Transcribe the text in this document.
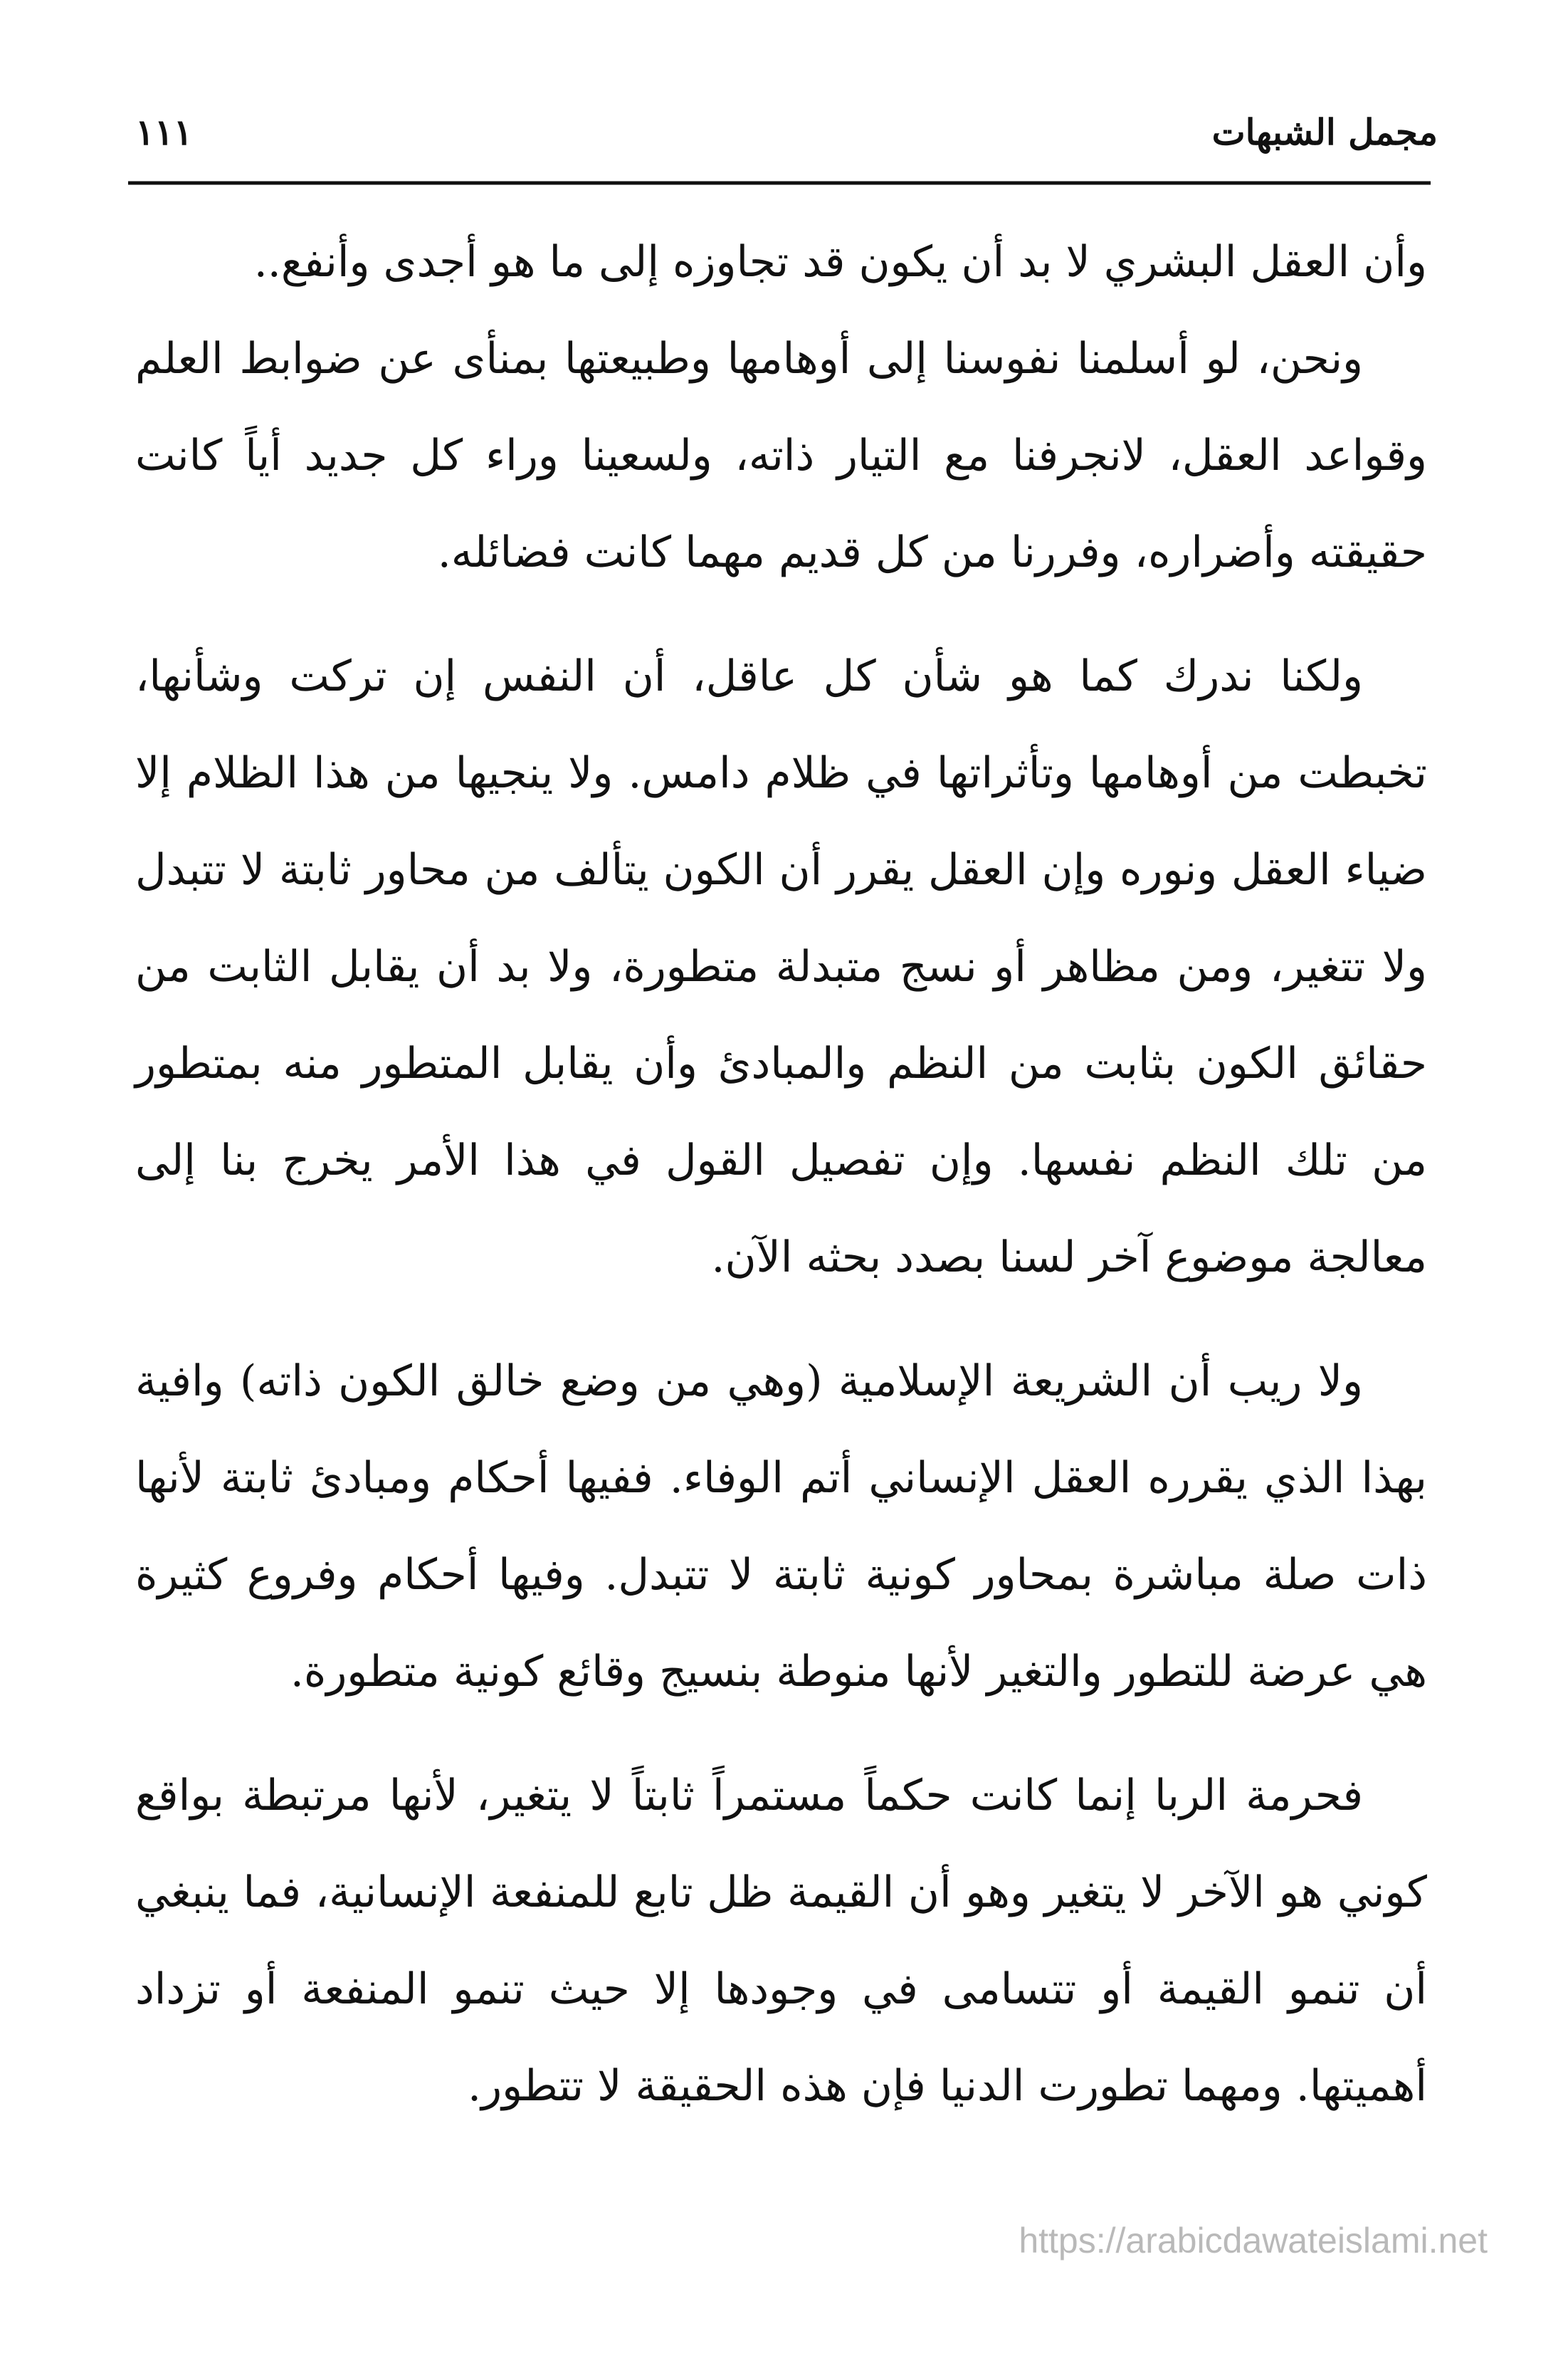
مجمل الشبهات
١١١

وأن العقل البشري لا بد أن يكون قد تجاوزه إلى ما هو أجدى وأنفع..

ونحن، لو أسلمنا نفوسنا إلى أوهامها وطبيعتها بمنأى عن ضوابط العلم وقواعد العقل، لانجرفنا مع التيار ذاته، ولسعينا وراء كل جديد أياً كانت حقيقته وأضراره، وفررنا من كل قديم مهما كانت فضائله.

ولكنا ندرك كما هو شأن كل عاقل، أن النفس إن تركت وشأنها، تخبطت من أوهامها وتأثراتها في ظلام دامس. ولا ينجيها من هذا الظلام إلا ضياء العقل ونوره وإن العقل يقرر أن الكون يتألف من محاور ثابتة لا تتبدل ولا تتغير، ومن مظاهر أو نسج متبدلة متطورة، ولا بد أن يقابل الثابت من حقائق الكون بثابت من النظم والمبادئ وأن يقابل المتطور منه بمتطور من تلك النظم نفسها. وإن تفصيل القول في هذا الأمر يخرج بنا إلى معالجة موضوع آخر لسنا بصدد بحثه الآن.

ولا ريب أن الشريعة الإسلامية (وهي من وضع خالق الكون ذاته) وافية بهذا الذي يقرره العقل الإنساني أتم الوفاء. ففيها أحكام ومبادئ ثابتة لأنها ذات صلة مباشرة بمحاور كونية ثابتة لا تتبدل. وفيها أحكام وفروع كثيرة هي عرضة للتطور والتغير لأنها منوطة بنسيج وقائع كونية متطورة.

فحرمة الربا إنما كانت حكماً مستمراً ثابتاً لا يتغير، لأنها مرتبطة بواقع كوني هو الآخر لا يتغير وهو أن القيمة ظل تابع للمنفعة الإنسانية، فما ينبغي أن تنمو القيمة أو تتسامى في وجودها إلا حيث تنمو المنفعة أو تزداد أهميتها. ومهما تطورت الدنيا فإن هذه الحقيقة لا تتطور.

https://arabicdawateislami.net
